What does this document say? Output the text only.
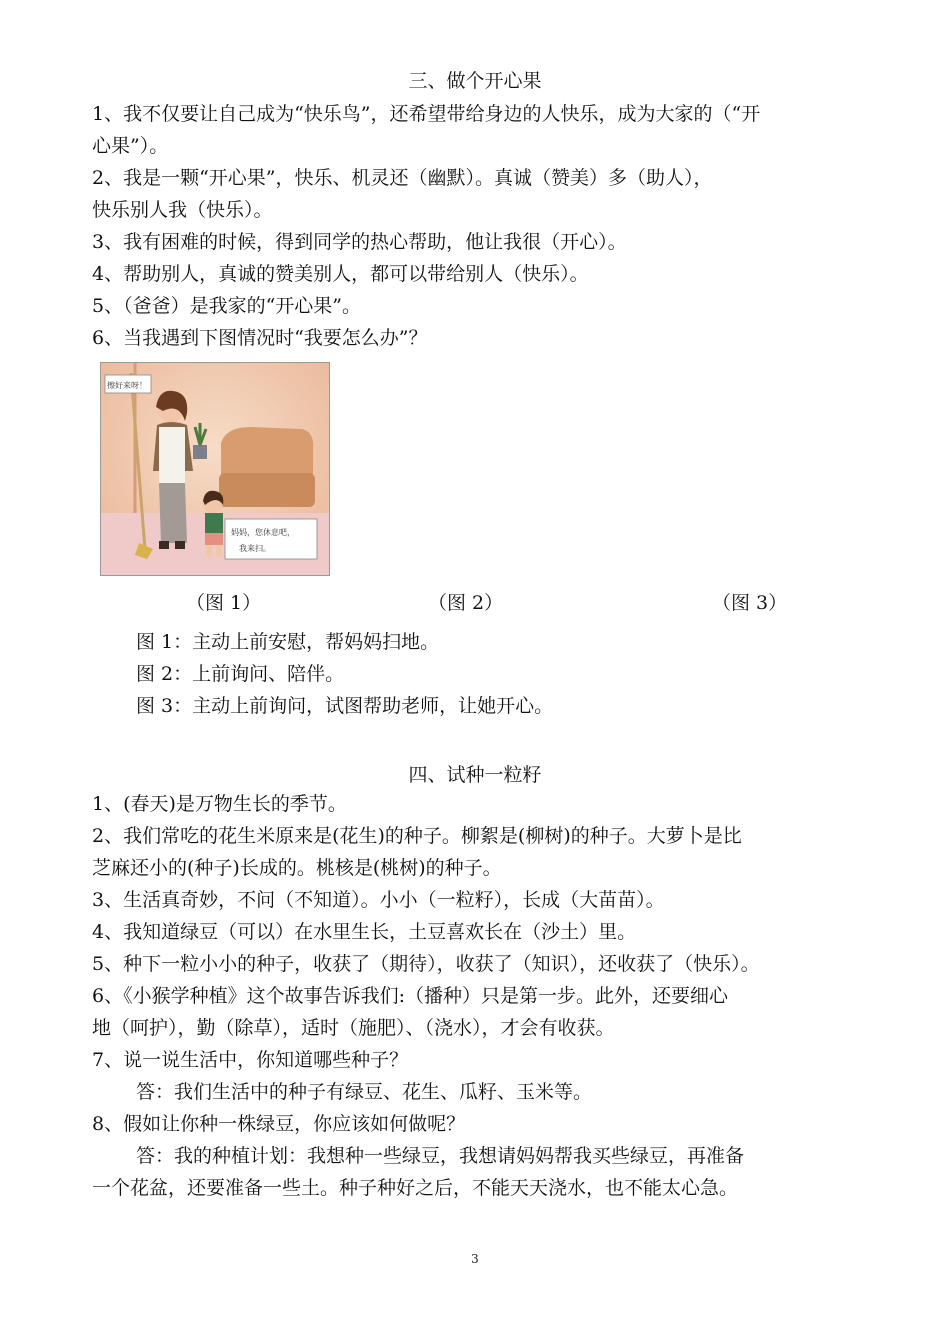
三、做个开心果
1、我不仅要让自己成为“快乐鸟”，还希望带给身边的人快乐，成为大家的（“开
心果”）。
2、我是一颗“开心果”，快乐、机灵还（幽默）。真诚（赞美）多（助人），
快乐别人我（快乐）。
3、我有困难的时候，得到同学的热心帮助，他让我很（开心）。
4、帮助别人，真诚的赞美别人，都可以带给别人（快乐）。
5、（爸爸）是我家的“开心果”。
6、当我遇到下图情况时“我要怎么办”？
擦好来呀！
妈妈，您休息吧，
我来扫。
（图 1）	（图 2）	（图 3）
图 1：主动上前安慰，帮妈妈扫地。
图 2：上前询问、陪伴。
图 3：主动上前询问，试图帮助老师，让她开心。
四、试种一粒籽
1、(春天)是万物生长的季节。
2、我们常吃的花生米原来是(花生)的种子。柳絮是(柳树)的种子。大萝卜是比
芝麻还小的(种子)长成的。桃核是(桃树)的种子。
3、生活真奇妙，不问（不知道）。小小（一粒籽），长成（大苗苗）。
4、我知道绿豆（可以）在水里生长，土豆喜欢长在（沙土）里。
5、种下一粒小小的种子，收获了（期待），收获了（知识），还收获了（快乐）。
6、《小猴学种植》这个故事告诉我们:（播种）只是第一步。此外，还要细心
地（呵护），勤（除草），适时（施肥）、（浇水），才会有收获。
7、说一说生活中，你知道哪些种子？
答：我们生活中的种子有绿豆、花生、瓜籽、玉米等。
8、假如让你种一株绿豆，你应该如何做呢？
答：我的种植计划：我想种一些绿豆，我想请妈妈帮我买些绿豆，再准备
一个花盆，还要准备一些土。种子种好之后，不能天天浇水，也不能太心急。
3
